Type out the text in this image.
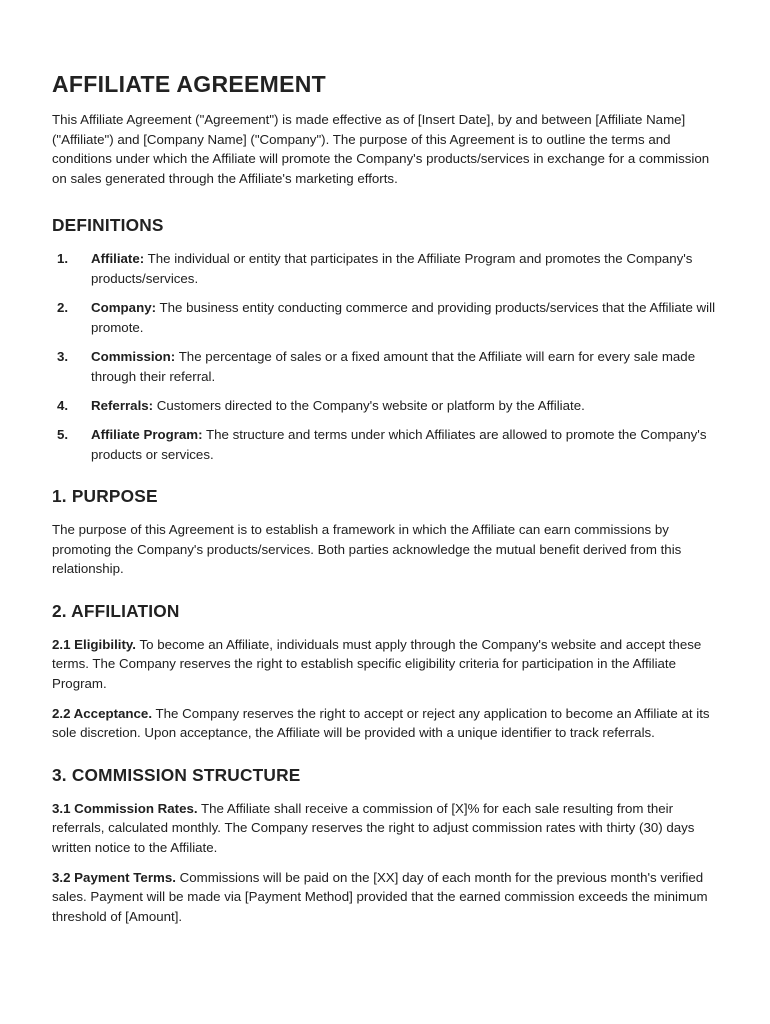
AFFILIATE AGREEMENT

This Affiliate Agreement ("Agreement") is made effective as of [Insert Date], by and between [Affiliate Name] ("Affiliate") and [Company Name] ("Company"). The purpose of this Agreement is to outline the terms and conditions under which the Affiliate will promote the Company's products/services in exchange for a commission on sales generated through the Affiliate's marketing efforts.

DEFINITIONS
1. Affiliate: The individual or entity that participates in the Affiliate Program and promotes the Company's products/services.
2. Company: The business entity conducting commerce and providing products/services that the Affiliate will promote.
3. Commission: The percentage of sales or a fixed amount that the Affiliate will earn for every sale made through their referral.
4. Referrals: Customers directed to the Company's website or platform by the Affiliate.
5. Affiliate Program: The structure and terms under which Affiliates are allowed to promote the Company's products or services.
1. PURPOSE

The purpose of this Agreement is to establish a framework in which the Affiliate can earn commissions by promoting the Company's products/services. Both parties acknowledge the mutual benefit derived from this relationship.

2. AFFILIATION

2.1 Eligibility. To become an Affiliate, individuals must apply through the Company's website and accept these terms. The Company reserves the right to establish specific eligibility criteria for participation in the Affiliate Program.

2.2 Acceptance. The Company reserves the right to accept or reject any application to become an Affiliate at its sole discretion. Upon acceptance, the Affiliate will be provided with a unique identifier to track referrals.

3. COMMISSION STRUCTURE

3.1 Commission Rates. The Affiliate shall receive a commission of [X]% for each sale resulting from their referrals, calculated monthly. The Company reserves the right to adjust commission rates with thirty (30) days written notice to the Affiliate.

3.2 Payment Terms. Commissions will be paid on the [XX] day of each month for the previous month's verified sales. Payment will be made via [Payment Method] provided that the earned commission exceeds the minimum threshold of [Amount].
